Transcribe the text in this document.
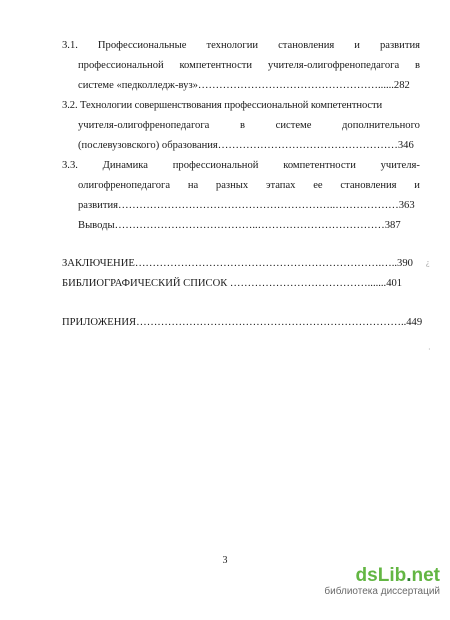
3.1. Профессиональные технологии становления и развития
профессиональной компетентности учителя-олигофренопедагога в
системе «педколледж-вуз»……………………………………………......282
3.2. Технологии совершенствования профессиональной компетентности
учителя-олигофренопедагога	в	системе	дополнительного
(послевузовского) образования……………………………………………346
3.3. Динамика профессиональной компетентности учителя-
олигофренопедагога на разных этапах ее становления и
развития……………………………………………………..………………363
Выводы…………………………………..………………………………387
ЗАКЛЮЧЕНИЕ…………………………………………………………….…..390
БИБЛИОГРАФИЧЕСКИЙ СПИСОК ………………………………….......401
ПРИЛОЖЕНИЯ…………………………………………………………………..449
¿
·
3
dsLib.net
библиотека диссертаций
